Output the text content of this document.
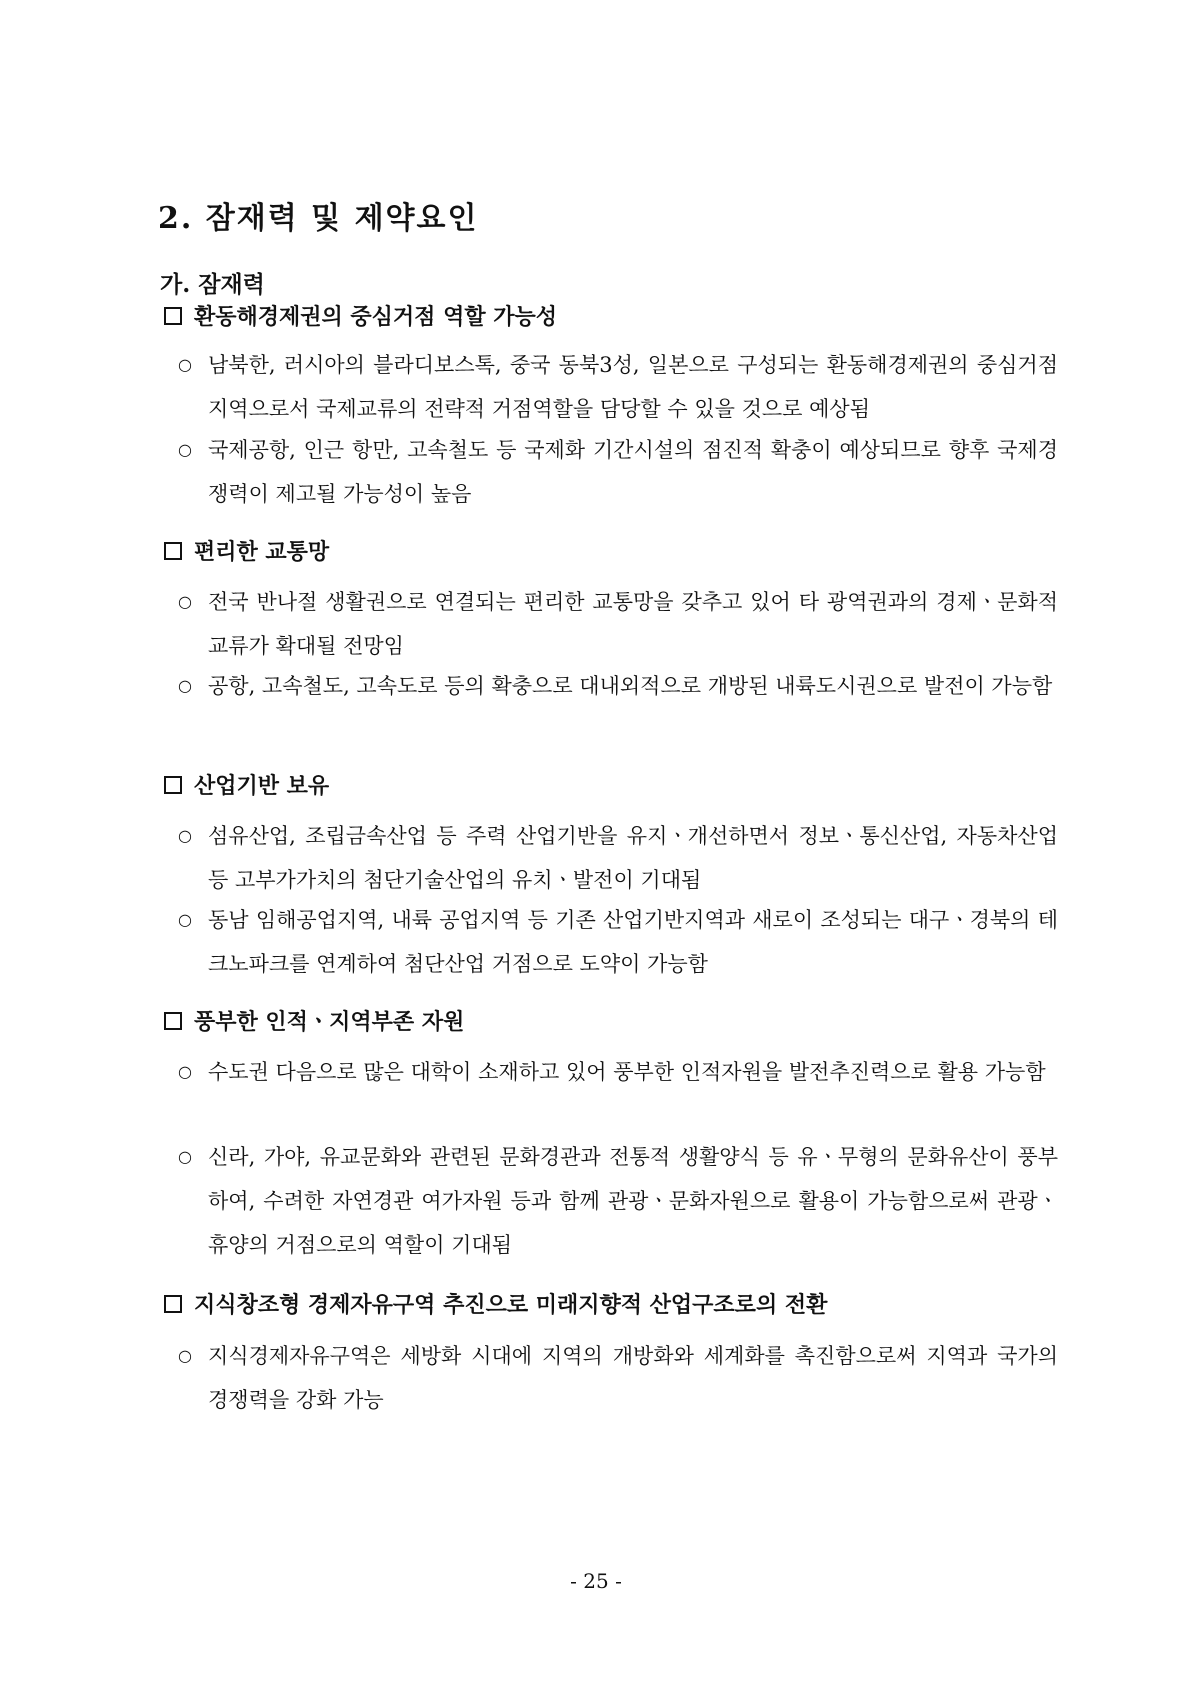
2. 잠재력 및 제약요인
가. 잠재력
환동해경제권의 중심거점 역할 가능성
○ 남북한, 러시아의 블라디보스톡, 중국 동북3성, 일본으로 구성되는 환동해경제권의 중심거점지역으로서 국제교류의 전략적 거점역할을 담당할 수 있을 것으로 예상됨
○ 국제공항, 인근 항만, 고속철도 등 국제화 기간시설의 점진적 확충이 예상되므로 향후 국제경쟁력이 제고될 가능성이 높음
편리한 교통망
○ 전국 반나절 생활권으로 연결되는 편리한 교통망을 갖추고 있어 타 광역권과의 경제ㆍ문화적 교류가 확대될 전망임
○ 공항, 고속철도, 고속도로 등의 확충으로 대내외적으로 개방된 내륙도시권으로 발전이 가능함
산업기반 보유
○ 섬유산업, 조립금속산업 등 주력 산업기반을 유지ㆍ개선하면서 정보ㆍ통신산업, 자동차산업 등 고부가가치의 첨단기술산업의 유치ㆍ발전이 기대됨
○ 동남 임해공업지역, 내륙 공업지역 등 기존 산업기반지역과 새로이 조성되는 대구ㆍ경북의 테크노파크를 연계하여 첨단산업 거점으로 도약이 가능함
풍부한 인적ㆍ지역부존 자원
○ 수도권 다음으로 많은 대학이 소재하고 있어 풍부한 인적자원을 발전추진력으로 활용 가능함
○ 신라, 가야, 유교문화와 관련된 문화경관과 전통적 생활양식 등 유ㆍ무형의 문화유산이 풍부하여, 수려한 자연경관 여가자원 등과 함께 관광ㆍ문화자원으로 활용이 가능함으로써 관광ㆍ휴양의 거점으로의 역할이 기대됨
지식창조형 경제자유구역 추진으로 미래지향적 산업구조로의 전환
○ 지식경제자유구역은 세방화 시대에 지역의 개방화와 세계화를 촉진함으로써 지역과 국가의 경쟁력을 강화 가능
- 25 -
